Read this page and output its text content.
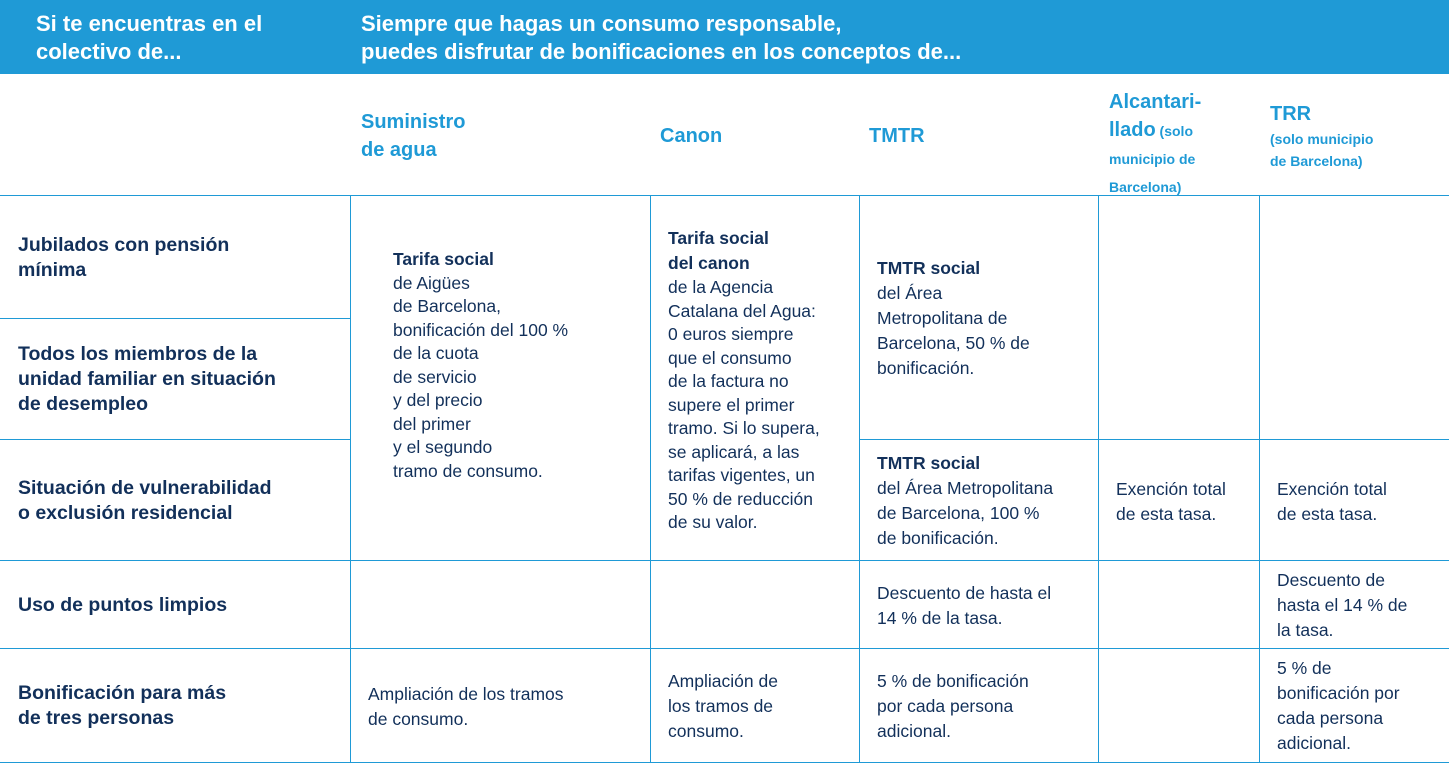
Si te encuentras en el
colectivo de...
Siempre que hagas un consumo responsable,
puedes disfrutar de bonificaciones en los conceptos de...
Suministro
de agua
Canon	TMTR
Alcantari-
llado (solo
municipio de
Barcelona)
TRR
(solo municipio
de Barcelona)
Jubilados con pensión
mínima
Todos los miembros de la
unidad familiar en situación
de desempleo
Situación de vulnerabilidad
o exclusión residencial
Uso de puntos limpios
Bonificación para más
de tres personas
Tarifa social
de Aigües
de Barcelona,
bonificación del 100 %
de la cuota
de servicio
y del precio
del primer
y el segundo
tramo de consumo.
Tarifa social
del canon
de la Agencia
Catalana del Agua:
0 euros siempre
que el consumo
de la factura no
supere el primer
tramo. Si lo supera,
se aplicará, a las
tarifas vigentes, un
50 % de reducción
de su valor.
TMTR social
del Área
Metropolitana de
Barcelona, 50 % de
bonificación.
TMTR social
del Área Metropolitana
de Barcelona, 100 %
de bonificación.
Exención total
de esta tasa.
Exención total
de esta tasa.
Descuento de hasta el
14 % de la tasa.
Descuento de
hasta el 14 % de
la tasa.
Ampliación de los tramos
de consumo.
Ampliación de
los tramos de
consumo.
5 % de bonificación
por cada persona
adicional.
5 % de
bonificación por
cada persona
adicional.
